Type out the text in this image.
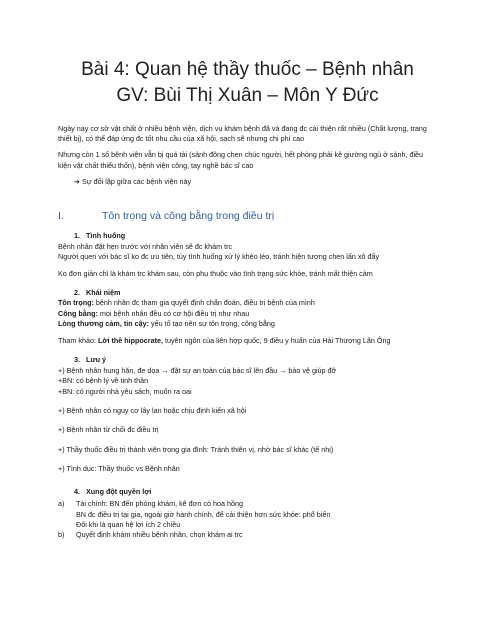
Bài 4: Quan hệ thầy thuốc – Bệnh nhân
GV: Bùi Thị Xuân – Môn Y Đức

Ngày nay cơ sở vật chất ở nhiều bệnh viện, dịch vụ khám bệnh đã và đang đc cải thiện rất nhiều (Chất lượng, trang thiết bị), có thể đáp ứng đc tốt nhu cầu của xã hội, sạch sẽ nhưng chi phí cao

Nhưng còn 1 số bệnh viện vẫn bị quá tải (sảnh đông chen chúc người, hết phòng phải kê giường ngủ ở sảnh, điều kiện vật chất thiếu thốn), bệnh viện công, tay nghề bác sĩ cao

➔ Sự đối lập giữa các bệnh viện này

I.	Tôn trọng và công bằng trong điều trị
1. Tình huống

Bệnh nhân đặt hẹn trước với nhân viên sẽ đc khám trc

Người quen với bác sĩ ko đc ưu tiên, tùy tình huống xử lý khéo léo, tránh hiện tượng chen lấn xô đẩy

Ko đơn giản chỉ là khám trc khám sau, còn phụ thuộc vào tình trạng sức khỏe, tránh mất thiện cảm

2. Khái niệm

Tôn trọng: bệnh nhân đc tham gia quyết định chẩn đoán, điều trị bệnh của mình

Công bằng: mọi bệnh nhân đều có cơ hội điều trị như nhau

Lòng thương cảm, tin cậy: yếu tố tạo nên sự tôn trọng, công bằng

Tham khảo: Lời thề hippocrate, tuyên ngôn của liên hợp quốc, 9 điều y huấn của Hải Thượng Lãn Ông

3. Lưu ý

+) Bệnh nhân hung hăn, đe dọa → đặt sự an toàn của bác sĩ lên đầu → bảo vệ giúp đỡ

+BN: có bệnh lý về tinh thần

+BN: có người nhà yêu sách, muốn ra oai

+) Bệnh nhân có nguy cơ lây lan hoặc chịu định kiến xã hội

+) Bệnh nhân từ chối đc điều trị

+) Thầy thuốc điều trị thành viên trong gia đình: Tránh thiên vị, nhờ bác sĩ khác (tế nhị)

+) Tình dục: Thầy thuốc vs Bệnh nhân

4. Xung đột quyền lợi
a)	Tài chính: BN đến phòng khám, kê đơn có hoa hồng

BN đc điều trị tại gia, ngoài giờ hành chính, để cải thiện hơn sức khỏe: phổ biến

Đôi khi là quan hệ lợi ích 2 chiều

b)	Quyết định khám nhiều bệnh nhân, chọn khám ai trc
